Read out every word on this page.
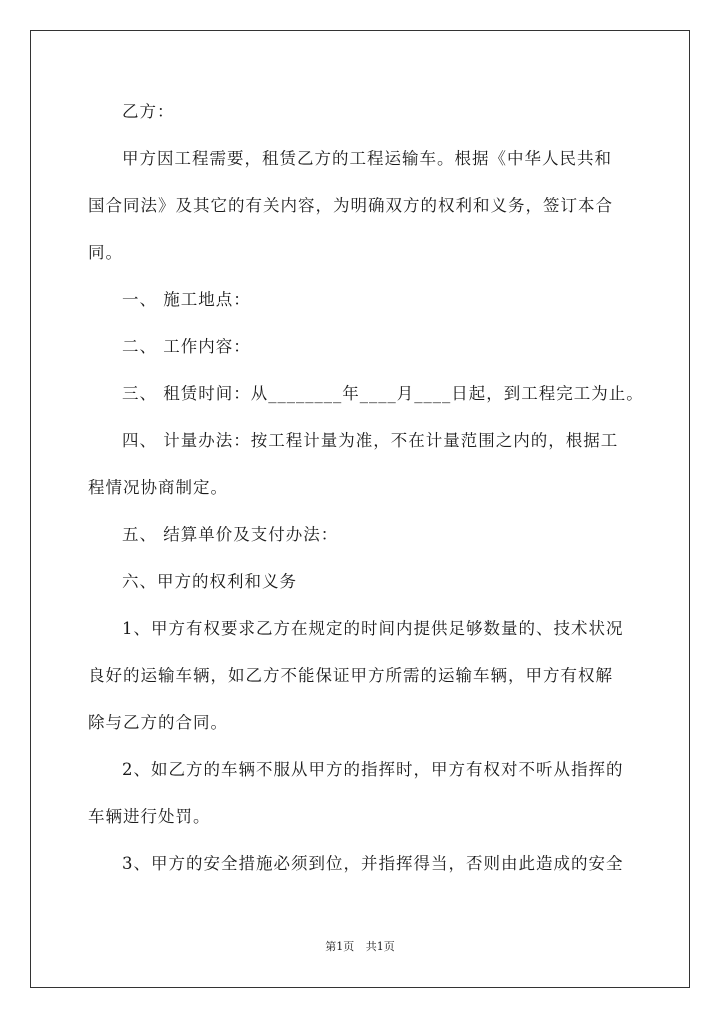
乙方：
甲方因工程需要，租赁乙方的工程运输车。根据《中华人民共和
国合同法》及其它的有关内容，为明确双方的权利和义务，签订本合
同。
一、 施工地点：
二、 工作内容：
三、 租赁时间：从________年____月____日起，到工程完工为止。
四、 计量办法：按工程计量为准，不在计量范围之内的，根据工
程情况协商制定。
五、 结算单价及支付办法：
六、甲方的权利和义务
1、甲方有权要求乙方在规定的时间内提供足够数量的、技术状况
良好的运输车辆，如乙方不能保证甲方所需的运输车辆，甲方有权解
除与乙方的合同。
2、如乙方的车辆不服从甲方的指挥时，甲方有权对不听从指挥的
车辆进行处罚。
3、甲方的安全措施必须到位，并指挥得当，否则由此造成的安全
第1页 共1页
